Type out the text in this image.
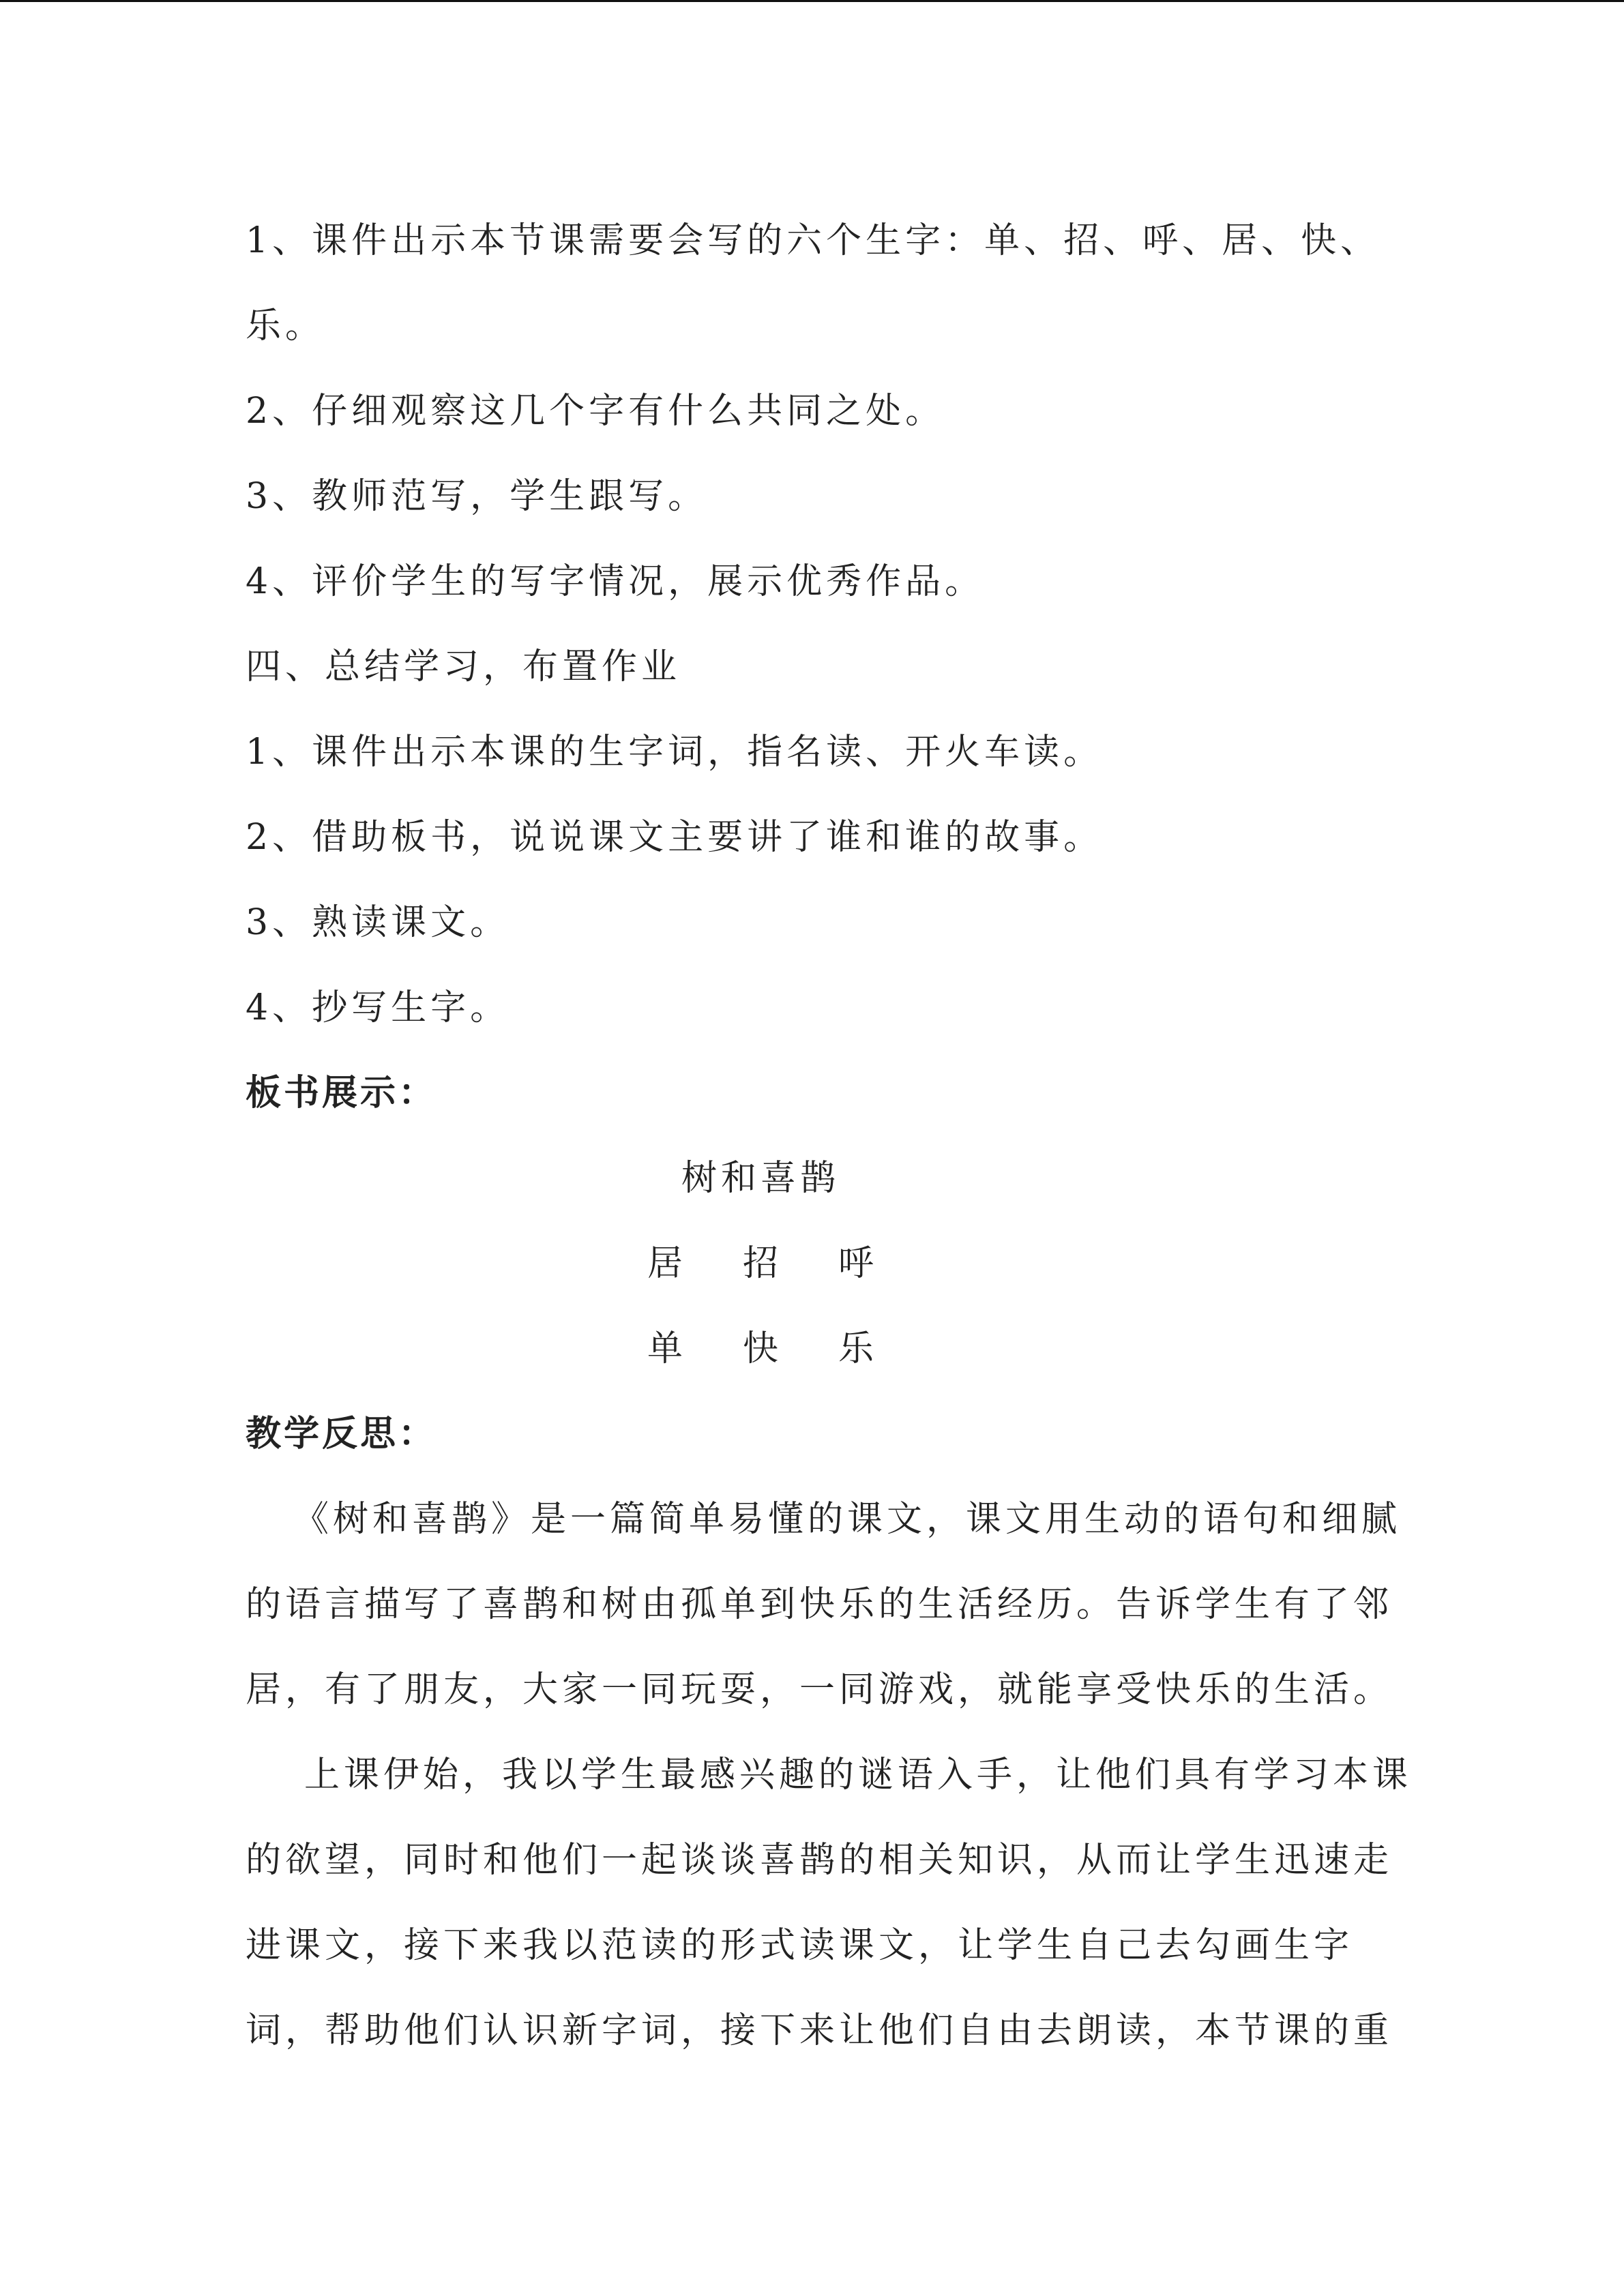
1、课件出示本节课需要会写的六个生字：单、招、呼、居、快、
乐。
2、仔细观察这几个字有什么共同之处。
3、教师范写，学生跟写。
4、评价学生的写字情况，展示优秀作品。
四、总结学习，布置作业
1、课件出示本课的生字词，指名读、开火车读。
2、借助板书，说说课文主要讲了谁和谁的故事。
3、熟读课文。
4、抄写生字。
板书展示：
树和喜鹊
居 招 呼
单 快 乐
教学反思：
《树和喜鹊》是一篇简单易懂的课文，课文用生动的语句和细腻
的语言描写了喜鹊和树由孤单到快乐的生活经历。告诉学生有了邻
居，有了朋友，大家一同玩耍，一同游戏，就能享受快乐的生活。
上课伊始，我以学生最感兴趣的谜语入手，让他们具有学习本课
的欲望，同时和他们一起谈谈喜鹊的相关知识，从而让学生迅速走
进课文，接下来我以范读的形式读课文，让学生自己去勾画生字
词，帮助他们认识新字词，接下来让他们自由去朗读，本节课的重
